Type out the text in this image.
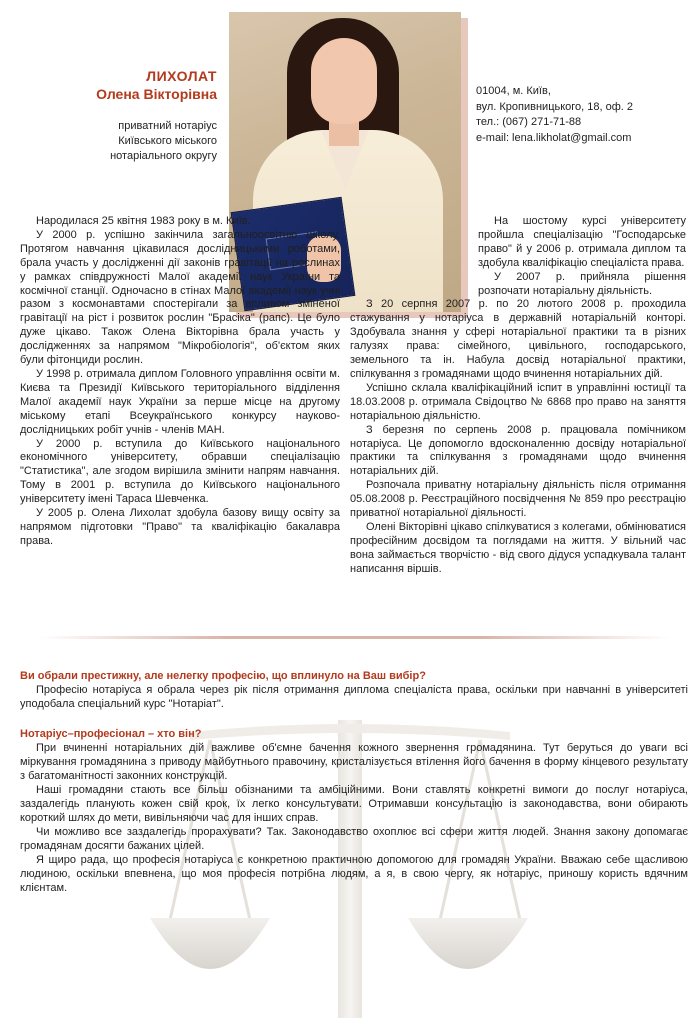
ЛИХОЛАТ
Олена Вікторівна
приватний нотаріус
Київського міського
нотаріального округу
01004, м. Київ,
вул. Кропивницького, 18, оф. 2
тел.: (067) 271-71-88
e-mail: lena.likholat@gmail.com

Народилася 25 квітня 1983 року в м. Київ.

У 2000 р. успішно закінчила загальноосвітню школу. Протягом навчання цікавилася дослідницькими роботами, брала участь у дослідженні дії законів гравітації на рослинах у рамках співдружності Малої академії наук України та космічної станції. Одночасно в стінах Малої академії наук учні разом з космонавтами спостерігали за впливом зміненої гравітації на ріст і розвиток рослин "Брасіка" (рапс). Це було дуже цікаво. Також Олена Вікторівна брала участь у дослідженнях за напрямом "Мікробіологія", об'єктом яких були фітонциди рослин.

У 1998 р. отримала диплом Головного управління освіти м. Києва та Президії Київського територіального відділення Малої академії наук України за перше місце на другому міському етапі Всеукраїнського конкурсу науково-дослідницьких робіт учнів - членів МАН.

У 2000 р. вступила до Київського національного економічного університету, обравши спеціалізацію "Статистика", але згодом вирішила змінити напрям навчання. Тому в 2001 р. вступила до Київського національного університету імені Тараса Шевченка.

У 2005 р. Олена Лихолат здобула базову вищу освіту за напрямом підготовки "Право" та кваліфікацію бакалавра права.

На шостому курсі університету пройшла спеціалізацію "Господарське право" й у 2006 р. отримала диплом та здобула кваліфікацію спеціаліста права.

У 2007 р. прийняла рішення розпочати нотаріальну діяльність.

З 20 серпня 2007 р. по 20 лютого 2008 р. проходила стажування у нотаріуса в державній нотаріальній конторі. Здобувала знання у сфері нотаріальної практики та в різних галузях права: сімейного, цивільного, господарського, земельного та ін. Набула досвід нотаріальної практики, спілкування з громадянами щодо вчинення нотаріальних дій.

Успішно склала кваліфікаційний іспит в управлінні юстиції та 18.03.2008 р. отримала Свідоцтво № 6868 про право на заняття нотаріальною діяльністю.

З березня по серпень 2008 р. працювала помічником нотаріуса. Це допомогло вдосконаленню досвіду нотаріальної практики та спілкування з громадянами щодо вчинення нотаріальних дій.

Розпочала приватну нотаріальну діяльність після отримання 05.08.2008 р. Реєстраційного посвідчення № 859 про реєстрацію приватної нотаріальної діяльності.

Олені Вікторівні цікаво спілкуватися з колегами, обмінюватися професійним досвідом та поглядами на життя. У вільний час вона займається творчістю - від свого дідуся успадкувала талант написання віршів.

Ви обрали престижну, але нелегку професію, що вплинуло на Ваш вибір?

Професію нотаріуса я обрала через рік після отримання диплома спеціаліста права, оскільки при навчанні в університеті уподобала спеціальний курс "Нотаріат".

Нотаріус–професіонал – хто він?

При вчиненні нотаріальних дій важливе об'ємне бачення кожного звернення громадянина. Тут беруться до уваги всі міркування громадянина з приводу майбутнього правочину, кристалізується втілення його бачення в форму кінцевого результату з багатоманітності законних конструкцій.

Наші громадяни стають все більш обізнаними та амбіційними. Вони ставлять конкретні вимоги до послуг нотаріуса, заздалегідь планують кожен свій крок, їх легко консультувати. Отримавши консультацію із законодавства, вони обирають короткий шлях до мети, вивільняючи час для інших справ.

Чи можливо все заздалегідь прорахувати? Так. Законодавство охоплює всі сфери життя людей. Знання закону допомагає громадянам досягти бажаних цілей.

Я щиро рада, що професія нотаріуса є конкретною практичною допомогою для громадян України. Вважаю себе щасливою людиною, оскільки впевнена, що моя професія потрібна людям, а я, в свою чергу, як нотаріус, приношу користь вдячним клієнтам.
